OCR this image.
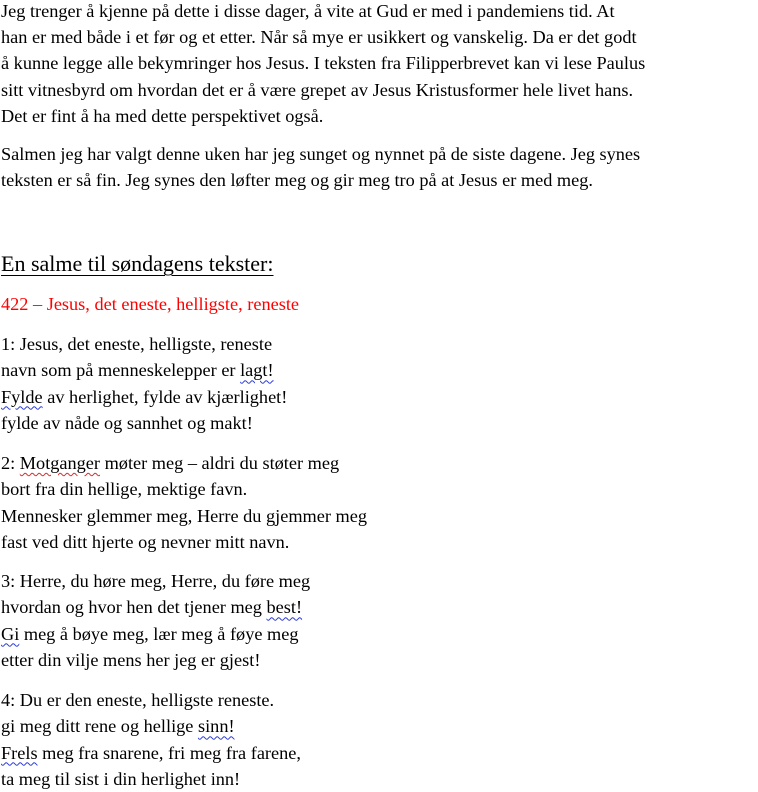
Jeg trenger å kjenne på dette i disse dager, å vite at Gud er med i pandemiens tid. At
han er med både i et før og et etter. Når så mye er usikkert og vanskelig. Da er det godt
å kunne legge alle bekymringer hos Jesus. I teksten fra Filipperbrevet kan vi lese Paulus
sitt vitnesbyrd om hvordan det er å være grepet av Jesus Kristusformer hele livet hans.
Det er fint å ha med dette perspektivet også.

Salmen jeg har valgt denne uken har jeg sunget og nynnet på de siste dagene. Jeg synes
teksten er så fin. Jeg synes den løfter meg og gir meg tro på at Jesus er med meg.

En salme til søndagens tekster:

422 – Jesus, det eneste, helligste, reneste

1: Jesus, det eneste, helligste, reneste
navn som på menneskelepper er lagt!
Fylde av herlighet, fylde av kjærlighet!
fylde av nåde og sannhet og makt!

2: Motganger møter meg – aldri du støter meg
bort fra din hellige, mektige favn.
Mennesker glemmer meg, Herre du gjemmer meg
fast ved ditt hjerte og nevner mitt navn.

3: Herre, du høre meg, Herre, du føre meg
hvordan og hvor hen det tjener meg best!
Gi meg å bøye meg, lær meg å føye meg
etter din vilje mens her jeg er gjest!

4: Du er den eneste, helligste reneste.
gi meg ditt rene og hellige sinn!
Frels meg fra snarene, fri meg fra farene,
ta meg til sist i din herlighet inn!
